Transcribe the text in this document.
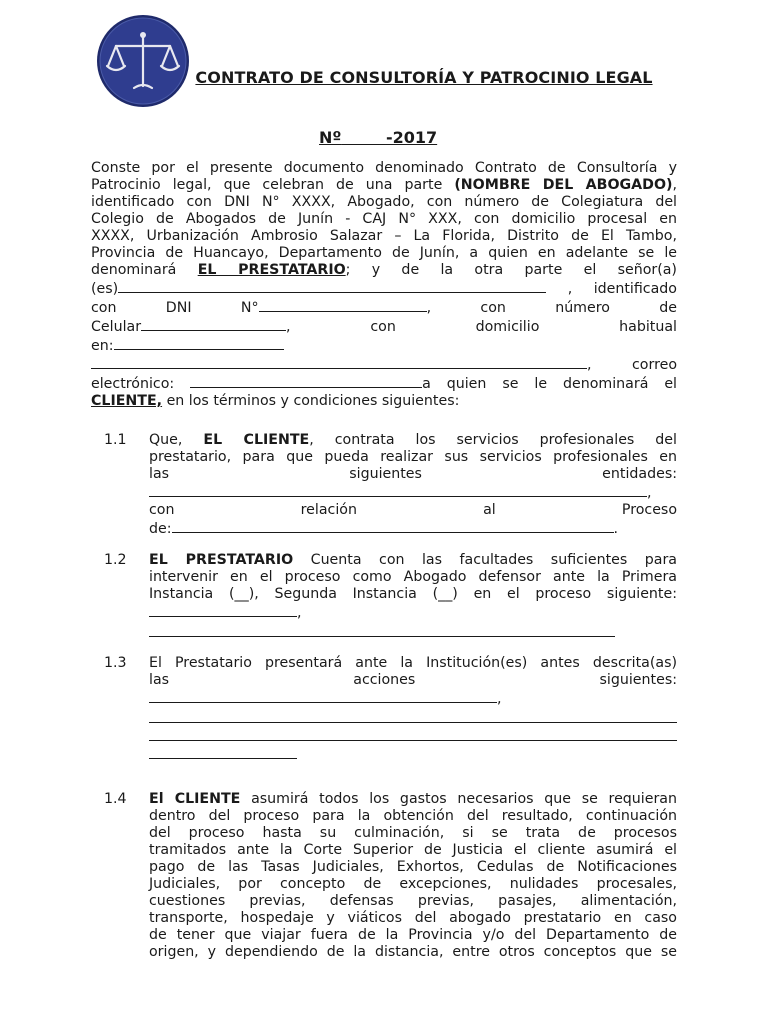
CONTRATO DE CONSULTORÍA Y PATROCINIO LEGAL
Nº	-2017

Conste por el presente documento denominado Contrato de Consultoría y

Patrocinio legal, que celebran de una parte (NOMBRE DEL ABOGADO),

identificado con DNI N° XXXX, Abogado, con número de Colegiatura del

Colegio de Abogados de Junín - CAJ N° XXX, con domicilio procesal en

XXXX, Urbanización Ambrosio Salazar – La Florida, Distrito de El Tambo,

Provincia de Huancayo, Departamento de Junín, a quien en adelante se le

denominará EL PRESTATARIO; y de la otra parte el señor(a)

(es)	, identificado

con DNI N°	, con número de

Celular	, con domicilio habitual

en:

, correo

electrónico:	a quien se le denominará el

CLIENTE, en los términos y condiciones siguientes:

1.1	Que, EL CLIENTE, contrata los servicios profesionales del

prestatario, para que pueda realizar sus servicios profesionales en

las siguientes entidades:

,

con relación al Proceso

de:	.

1.2	EL PRESTATARIO Cuenta con las facultades suficientes para

intervenir en el proceso como Abogado defensor ante la Primera

Instancia (__), Segunda Instancia (__) en el proceso siguiente:

,

1.3	El Prestatario presentará ante la Institución(es) antes descrita(as)

las acciones siguientes:

,

1.4	El CLIENTE asumirá todos los gastos necesarios que se requieran

dentro del proceso para la obtención del resultado, continuación

del proceso hasta su culminación, si se trata de procesos

tramitados ante la Corte Superior de Justicia el cliente asumirá el

pago de las Tasas Judiciales, Exhortos, Cedulas de Notificaciones

Judiciales, por concepto de excepciones, nulidades procesales,

cuestiones previas, defensas previas, pasajes, alimentación,

transporte, hospedaje y viáticos del abogado prestatario en caso

de tener que viajar fuera de la Provincia y/o del Departamento de

origen, y dependiendo de la distancia, entre otros conceptos que se
